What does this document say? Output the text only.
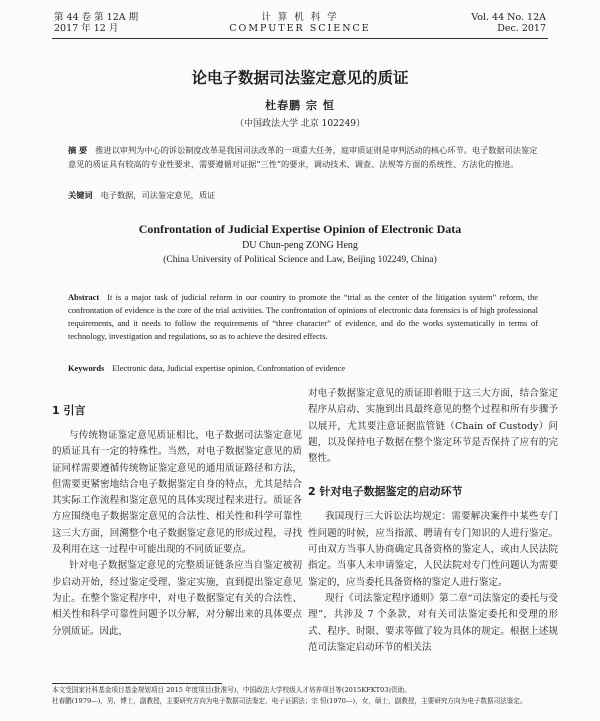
第 44 卷 第 12A 期
2017 年 12 月
计 算 机 科 学
COMPUTER SCIENCE
Vol. 44 No. 12A
Dec. 2017
论电子数据司法鉴定意见的质证
杜春鹏 宗 恒
（中国政法大学 北京 102249）
摘 要 推进以审判为中心的诉讼制度改革是我国司法改革的一项重大任务，庭审质证则是审判活动的核心环节。电子数据司法鉴定意见的质证具有较高的专业性要求，需要遵循对证据“三性”的要求，调动技术、调查、法规等方面的系统性、方法化的推进。
关键词 电子数据，司法鉴定意见，质证
Confrontation of Judicial Expertise Opinion of Electronic Data
DU Chun-peng ZONG Heng
(China University of Political Science and Law, Beijing 102249, China)
Abstract It is a major task of judicial reform in our country to promote the “trial as the center of the litigation system” reform, the confrontation of evidence is the core of the trial activities. The confrontation of opinions of electronic data forensics is of high professional requirements, and it needs to follow the requirements of “three character” of evidence, and do the works systematically in terms of technology, investigation and regulations, so as to achieve the desired effects.
Keywords Electronic data, Judicial expertise opinion, Confrontation of evidence
1 引言

与传统物证鉴定意见质证相比，电子数据司法鉴定意见的质证具有一定的特殊性。当然，对电子数据鉴定意见的质证同样需要遵循传统物证鉴定意见的通用质证路径和方法，但需要更紧密地结合电子数据鉴定自身的特点，尤其是结合其实际工作流程和鉴定意见的具体实现过程来进行。质证各方应围绕电子数据鉴定意见的合法性、相关性和科学可靠性这三大方面，回溯整个电子数据鉴定意见的形成过程，寻找及利用在这一过程中可能出现的不同质证要点。

针对电子数据鉴定意见的完整质证链条应当自鉴定被初步启动开始，经过鉴定受理、鉴定实施，直到提出鉴定意见为止。在整个鉴定程序中，对电子数据鉴定有关的合法性、相关性和科学可靠性问题予以分解，对分解出来的具体要点分别质证。因此，

对电子数据鉴定意见的质证即着眼于这三大方面，结合鉴定程序从启动、实施到出具最终意见的整个过程和所有步骤予以展开，尤其要注意证据监管链（Chain of Custody）问题，以及保持电子数据在整个鉴定环节是否保持了应有的完整性。

2 针对电子数据鉴定的启动环节

我国现行三大诉讼法均规定：需要解决案件中某些专门性问题的时候，应当指派、聘请有专门知识的人进行鉴定。可由双方当事人协商确定具备资格的鉴定人，或由人民法院指定。当事人未申请鉴定，人民法院对专门性问题认为需要鉴定的，应当委托具备资格的鉴定人进行鉴定。

现行《司法鉴定程序通则》第二章“司法鉴定的委托与受理”，共涉及 7 个条款，对有关司法鉴定委托和受理的形式、程序、时限、要求等做了较为具体的规定。根据上述规范司法鉴定启动环节的相关法

本文受国家社科基金项目基金规划项目 2015 年度项目(批准号)，中国政法大学校级人才培养项目等(2015KFKT03)资助。
杜春鹏(1979—)，男，博士，副教授，主要研究方向为电子数据司法鉴定、电子证据法；宗 恒(1970—)，女，硕士，副教授，主要研究方向为电子数据司法鉴定。
